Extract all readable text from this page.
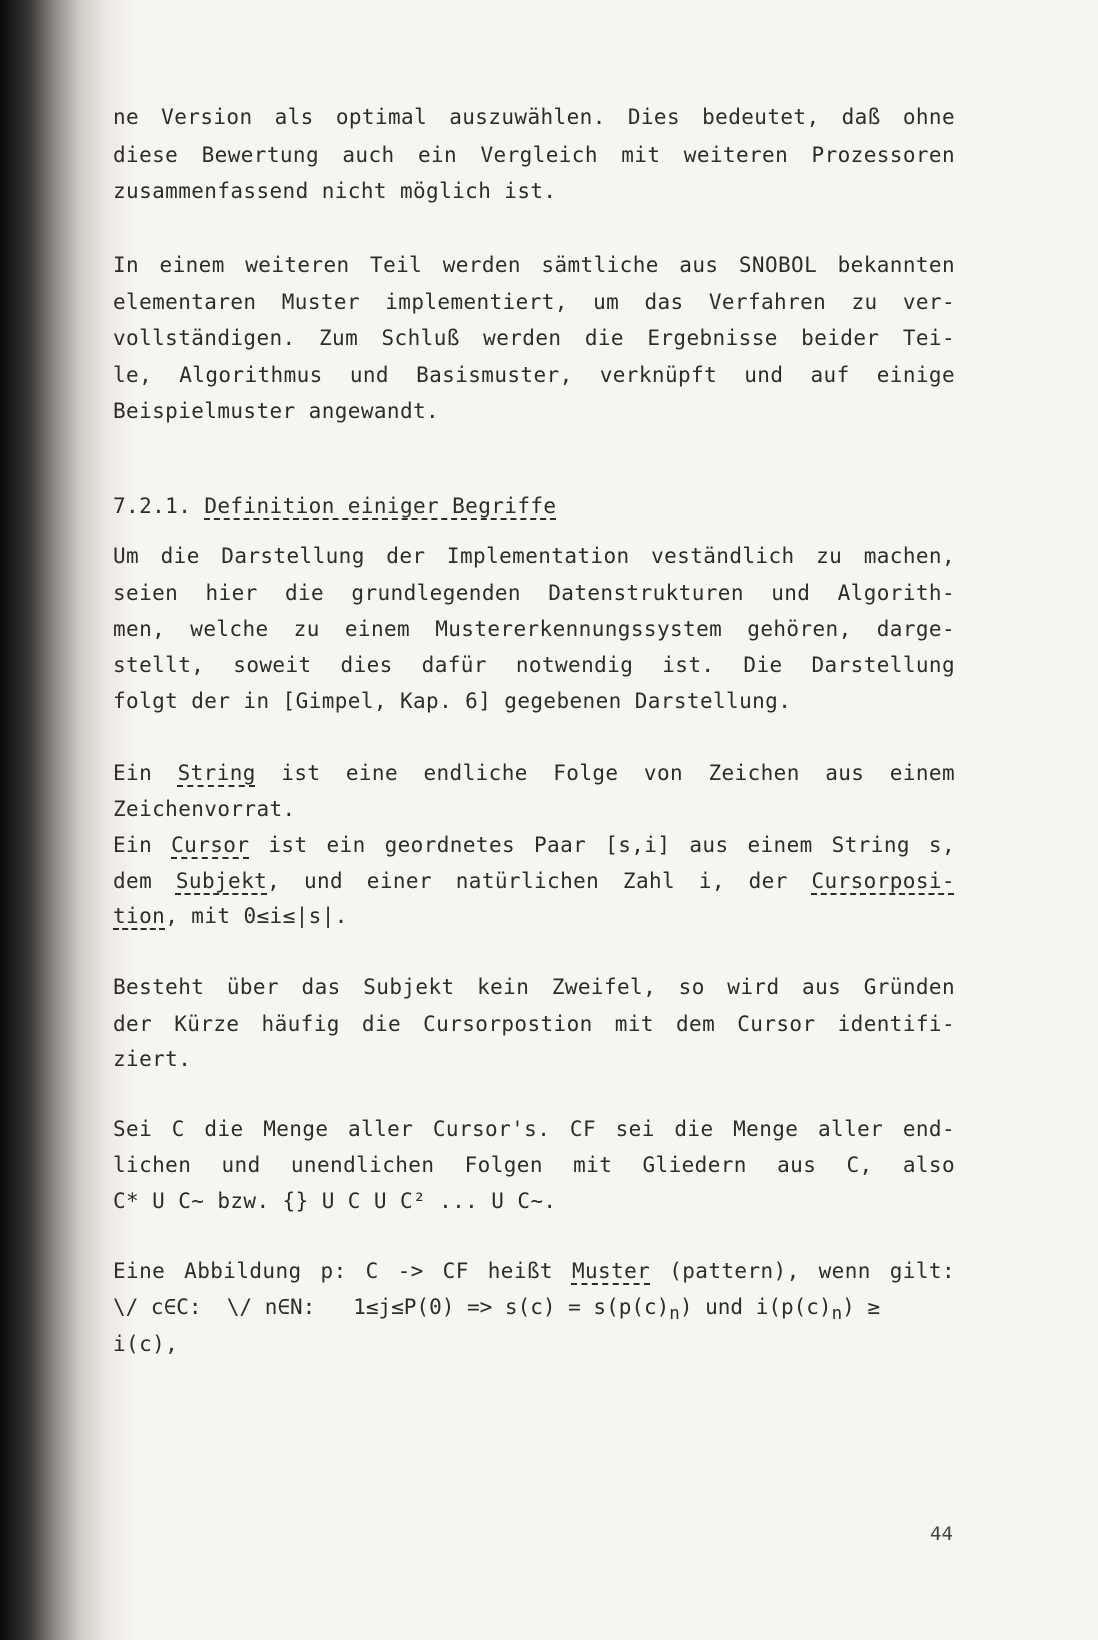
ne Version als optimal auszuwählen. Dies bedeutet, daß ohne
diese Bewertung auch ein Vergleich mit weiteren Prozessoren
zusammenfassend nicht möglich ist.
In einem weiteren Teil werden sämtliche aus SNOBOL bekannten
elementaren Muster implementiert, um das Verfahren zu ver-
vollständigen. Zum Schluß werden die Ergebnisse beider Tei-
le, Algorithmus und Basismuster, verknüpft und auf einige
Beispielmuster angewandt.
7.2.1. Definition einiger Begriffe
Um die Darstellung der Implementation veständlich zu machen,
seien hier die grundlegenden Datenstrukturen und Algorith-
men, welche zu einem Mustererkennungssystem gehören, darge-
stellt, soweit dies dafür notwendig ist. Die Darstellung
folgt der in [Gimpel, Kap. 6] gegebenen Darstellung.
Ein String ist eine endliche Folge von Zeichen aus einem
Zeichenvorrat.
Ein Cursor ist ein geordnetes Paar [s,i] aus einem String s,
dem Subjekt, und einer natürlichen Zahl i, der Cursorposi-
tion, mit 0≤i≤|s|.
Besteht über das Subjekt kein Zweifel, so wird aus Gründen
der Kürze häufig die Cursorpostion mit dem Cursor identifi-
ziert.
Sei C die Menge aller Cursor's. CF sei die Menge aller end-
lichen und unendlichen Folgen mit Gliedern aus C, also
C* U C~ bzw. {} U C U C² ... U C~.
Eine Abbildung p: C -> CF heißt Muster (pattern), wenn gilt:
\/ c∈C:  \/ n∈N:   $1\le j\le P(0) => s(c) = s(p(c)_n)$ und $i(p(c)_n)$ ≥
i(c),
44
